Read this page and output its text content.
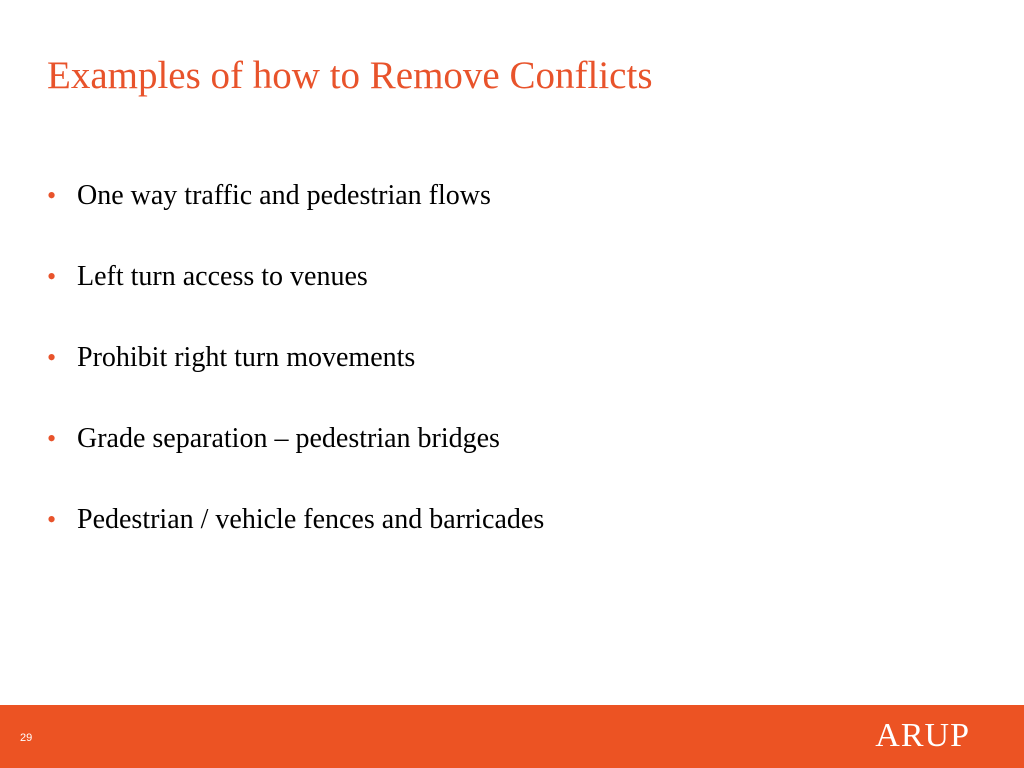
Examples of how to Remove Conflicts
• One way traffic and pedestrian flows
• Left turn access to venues
• Prohibit right turn movements
• Grade separation – pedestrian bridges
• Pedestrian / vehicle fences and barricades
29	ARUP
